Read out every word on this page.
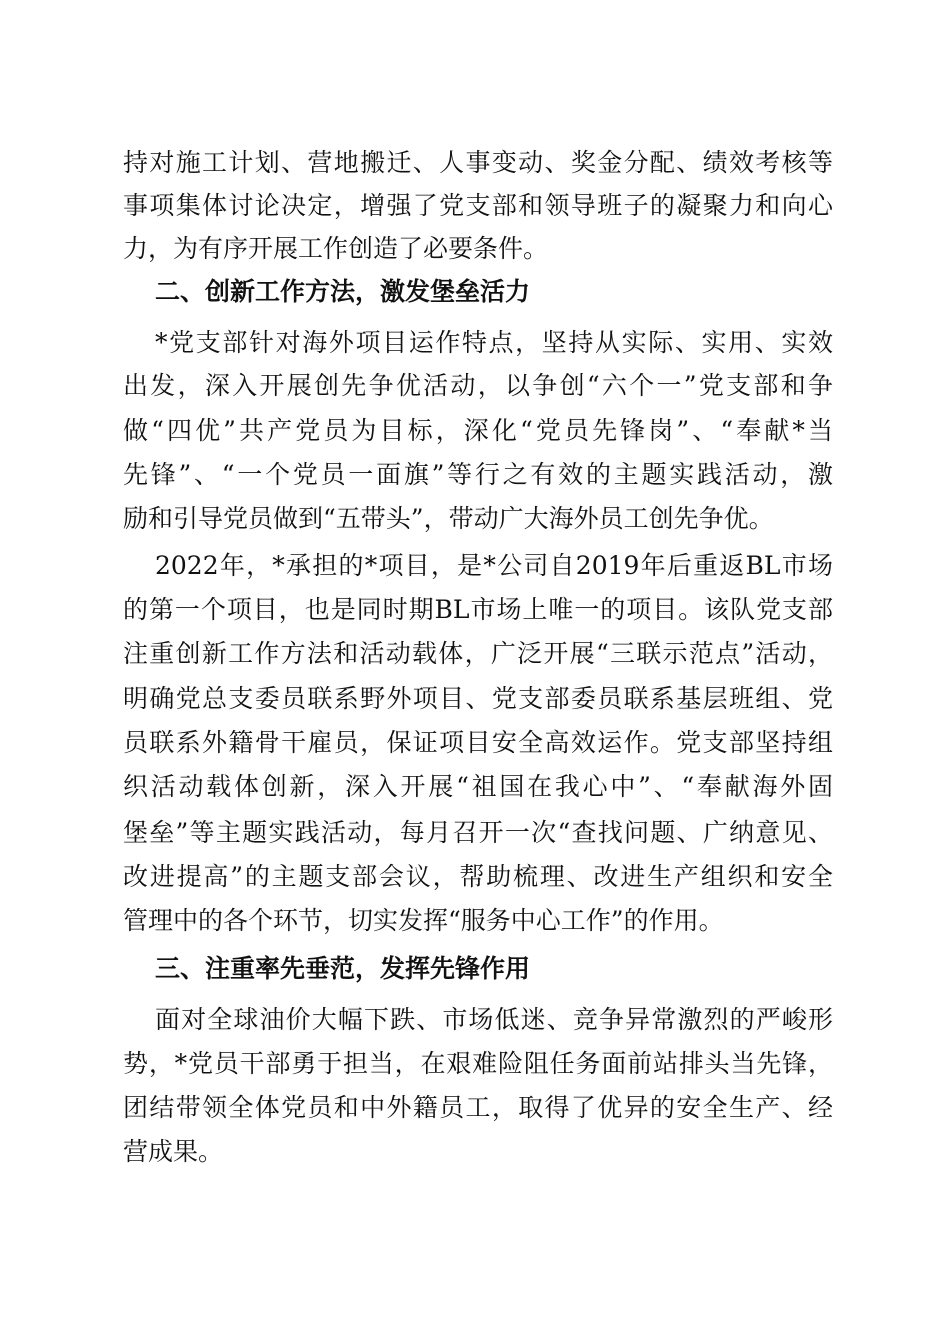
持对施工计划、营地搬迁、人事变动、奖金分配、绩效考核等
事项集体讨论决定，增强了党支部和领导班子的凝聚力和向心
力，为有序开展工作创造了必要条件。
二、创新工作方法，激发堡垒活力
*党支部针对海外项目运作特点，坚持从实际、实用、实效
出发，深入开展创先争优活动，以争创“六个一”党支部和争
做“四优”共产党员为目标，深化“党员先锋岗”、“奉献*当
先锋”、“一个党员一面旗”等行之有效的主题实践活动，激
励和引导党员做到“五带头”，带动广大海外员工创先争优。
2022年，*承担的*项目，是*公司自2019年后重返BL市场
的第一个项目，也是同时期BL市场上唯一的项目。该队党支部
注重创新工作方法和活动载体，广泛开展“三联示范点”活动，
明确党总支委员联系野外项目、党支部委员联系基层班组、党
员联系外籍骨干雇员，保证项目安全高效运作。党支部坚持组
织活动载体创新，深入开展“祖国在我心中”、“奉献海外固
堡垒”等主题实践活动，每月召开一次“查找问题、广纳意见、
改进提高”的主题支部会议，帮助梳理、改进生产组织和安全
管理中的各个环节，切实发挥“服务中心工作”的作用。
三、注重率先垂范，发挥先锋作用
面对全球油价大幅下跌、市场低迷、竞争异常激烈的严峻形
势，*党员干部勇于担当，在艰难险阻任务面前站排头当先锋，
团结带领全体党员和中外籍员工，取得了优异的安全生产、经
营成果。
